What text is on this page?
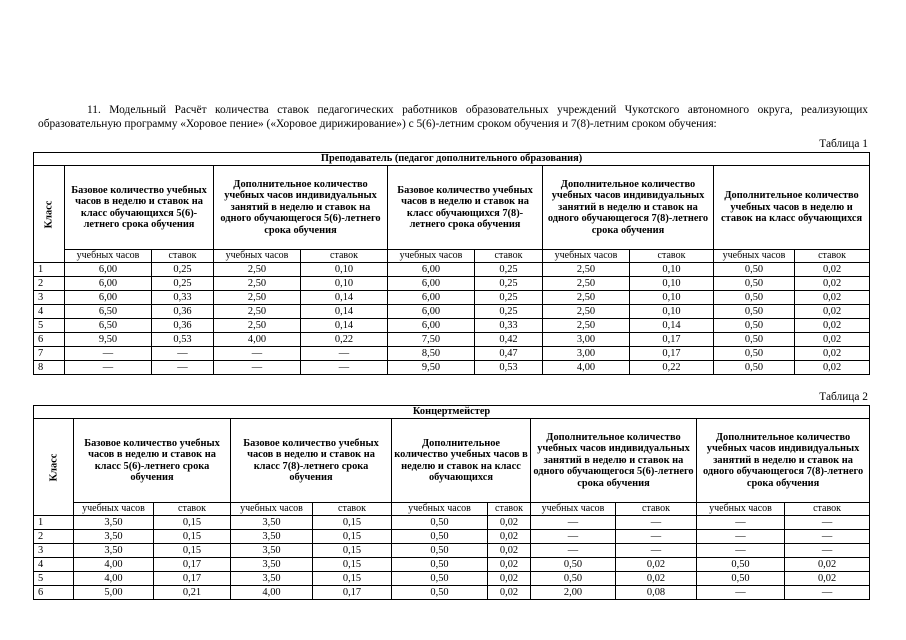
11. Модельный Расчёт количества ставок педагогических работников образовательных учреждений Чукотского автономного округа, реализующих образовательную программу «Хоровое пение» («Хоровое дирижирование») с 5(6)-летним сроком обучения и 7(8)-летним сроком обучения:

Таблица 1
Преподаватель (педагог дополнительного образования)										
Класс	Базовое количество учебных часов в неделю и ставок на класс обучающихся 5(6)-летнего срока обучения		Дополнительное количество учебных часов индивидуальных занятий в неделю и ставок на одного обучающегося 5(6)-летнего срока обучения		Базовое количество учебных часов в неделю и ставок на класс обучающихся 7(8)-летнего срока обучения		Дополнительное количество учебных часов индивидуальных занятий в неделю и ставок на одного обучающегося 7(8)-летнего срока обучения		Дополнительное количество учебных часов в неделю и ставок на класс обучающихся	
	учебных часов	ставок	учебных часов	ставок	учебных часов	ставок	учебных часов	ставок	учебных часов	ставок
1	6,00	0,25	2,50	0,10	6,00	0,25	2,50	0,10	0,50	0,02
2	6,00	0,25	2,50	0,10	6,00	0,25	2,50	0,10	0,50	0,02
3	6,00	0,33	2,50	0,14	6,00	0,25	2,50	0,10	0,50	0,02
4	6,50	0,36	2,50	0,14	6,00	0,25	2,50	0,10	0,50	0,02
5	6,50	0,36	2,50	0,14	6,00	0,33	2,50	0,14	0,50	0,02
6	9,50	0,53	4,00	0,22	7,50	0,42	3,00	0,17	0,50	0,02
7	—	—	—	—	8,50	0,47	3,00	0,17	0,50	0,02
8	—	—	—	—	9,50	0,53	4,00	0,22	0,50	0,02
Таблица 2
Концертмейстер										
Класс	Базовое количество учебных часов в неделю и ставок на класс 5(6)-летнего срока обучения		Базовое количество учебных часов в неделю и ставок на класс 7(8)-летнего срока обучения		Дополнительное количество учебных часов в неделю и ставок на класс обучающихся		Дополнительное количество учебных часов индивидуальных занятий в неделю и ставок на одного обучающегося 5(6)-летнего срока обучения		Дополнительное количество учебных часов индивидуальных занятий в неделю и ставок на одного обучающегося 7(8)-летнего срока обучения	
	учебных часов	ставок	учебных часов	ставок	учебных часов	ставок	учебных часов	ставок	учебных часов	ставок
1	3,50	0,15	3,50	0,15	0,50	0,02	—	—	—	—
2	3,50	0,15	3,50	0,15	0,50	0,02	—	—	—	—
3	3,50	0,15	3,50	0,15	0,50	0,02	—	—	—	—
4	4,00	0,17	3,50	0,15	0,50	0,02	0,50	0,02	0,50	0,02
5	4,00	0,17	3,50	0,15	0,50	0,02	0,50	0,02	0,50	0,02
6	5,00	0,21	4,00	0,17	0,50	0,02	2,00	0,08	—	—
